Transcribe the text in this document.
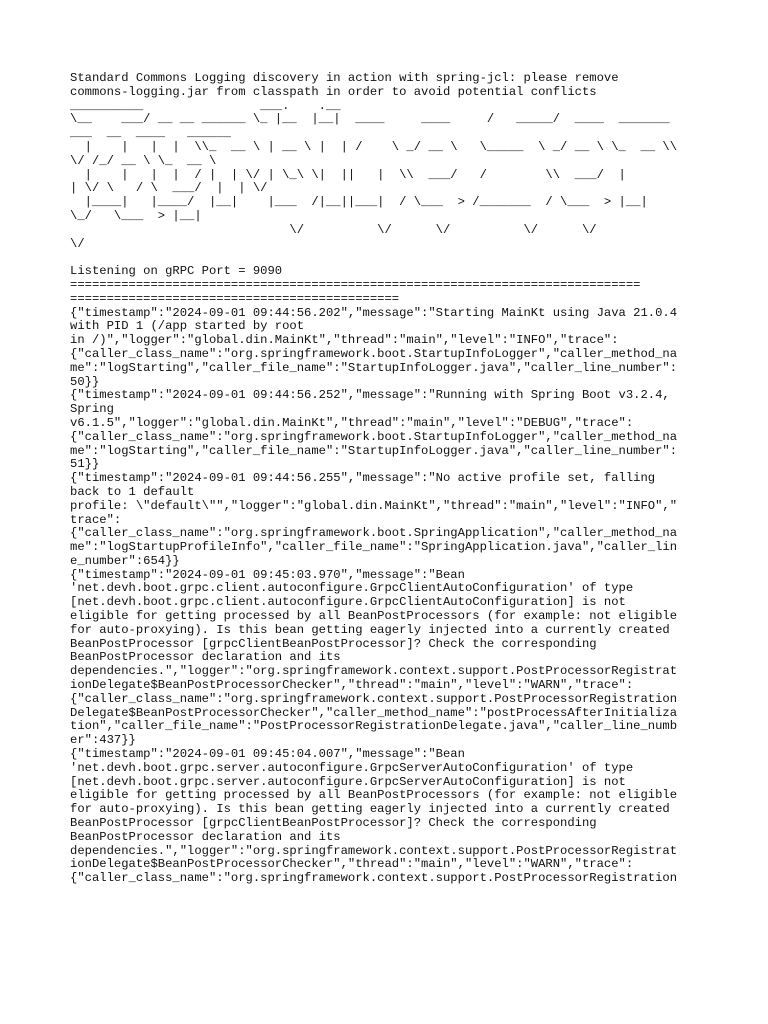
Standard Commons Logging discovery in action with spring-jcl: please remove
commons-logging.jar from classpath in order to avoid potential conflicts
__________                ___.    .__
\__    ___/ __ __ ______ \_ |__  |__|  ____     ____     /   _____/  ____  _______
___  __  ____   ______
|    |   |  |  \\_  __ \ | __ \ |  | /    \ _/ __ \   \_____  \ _/ __ \ \_  __ \\
\/ /_/ __ \ \_  __ \
|    |   |  |  / |  | \/ | \_\ \|  ||   |  \\  ___/   /        \\  ___/  |
| \/ \   / \  ___/  |  | \/
|____|   |____/  |__|    |___  /|__||___|  / \___  > /_______  / \___  > |__|
\_/   \___  > |__|
\/          \/      \/          \/      \/
\/
Listening on gRPC Port = 9090
==============================================================================
=============================================
{"timestamp":"2024-09-01 09:44:56.202","message":"Starting MainKt using Java 21.0.4
with PID 1 (/app started by root
in /)","logger":"global.din.MainKt","thread":"main","level":"INFO","trace":
{"caller_class_name":"org.springframework.boot.StartupInfoLogger","caller_method_na
me":"logStarting","caller_file_name":"StartupInfoLogger.java","caller_line_number":
50}}
{"timestamp":"2024-09-01 09:44:56.252","message":"Running with Spring Boot v3.2.4,
Spring
v6.1.5","logger":"global.din.MainKt","thread":"main","level":"DEBUG","trace":
{"caller_class_name":"org.springframework.boot.StartupInfoLogger","caller_method_na
me":"logStarting","caller_file_name":"StartupInfoLogger.java","caller_line_number":
51}}
{"timestamp":"2024-09-01 09:44:56.255","message":"No active profile set, falling
back to 1 default
profile: \"default\"","logger":"global.din.MainKt","thread":"main","level":"INFO","
trace":
{"caller_class_name":"org.springframework.boot.SpringApplication","caller_method_na
me":"logStartupProfileInfo","caller_file_name":"SpringApplication.java","caller_lin
e_number":654}}
{"timestamp":"2024-09-01 09:45:03.970","message":"Bean
'net.devh.boot.grpc.client.autoconfigure.GrpcClientAutoConfiguration' of type
[net.devh.boot.grpc.client.autoconfigure.GrpcClientAutoConfiguration] is not
eligible for getting processed by all BeanPostProcessors (for example: not eligible
for auto-proxying). Is this bean getting eagerly injected into a currently created
BeanPostProcessor [grpcClientBeanPostProcessor]? Check the corresponding
BeanPostProcessor declaration and its
dependencies.","logger":"org.springframework.context.support.PostProcessorRegistrat
ionDelegate$BeanPostProcessorChecker","thread":"main","level":"WARN","trace":
{"caller_class_name":"org.springframework.context.support.PostProcessorRegistration
Delegate$BeanPostProcessorChecker","caller_method_name":"postProcessAfterInitializa
tion","caller_file_name":"PostProcessorRegistrationDelegate.java","caller_line_numb
er":437}}
{"timestamp":"2024-09-01 09:45:04.007","message":"Bean
'net.devh.boot.grpc.server.autoconfigure.GrpcServerAutoConfiguration' of type
[net.devh.boot.grpc.server.autoconfigure.GrpcServerAutoConfiguration] is not
eligible for getting processed by all BeanPostProcessors (for example: not eligible
for auto-proxying). Is this bean getting eagerly injected into a currently created
BeanPostProcessor [grpcClientBeanPostProcessor]? Check the corresponding
BeanPostProcessor declaration and its
dependencies.","logger":"org.springframework.context.support.PostProcessorRegistrat
ionDelegate$BeanPostProcessorChecker","thread":"main","level":"WARN","trace":
{"caller_class_name":"org.springframework.context.support.PostProcessorRegistration
